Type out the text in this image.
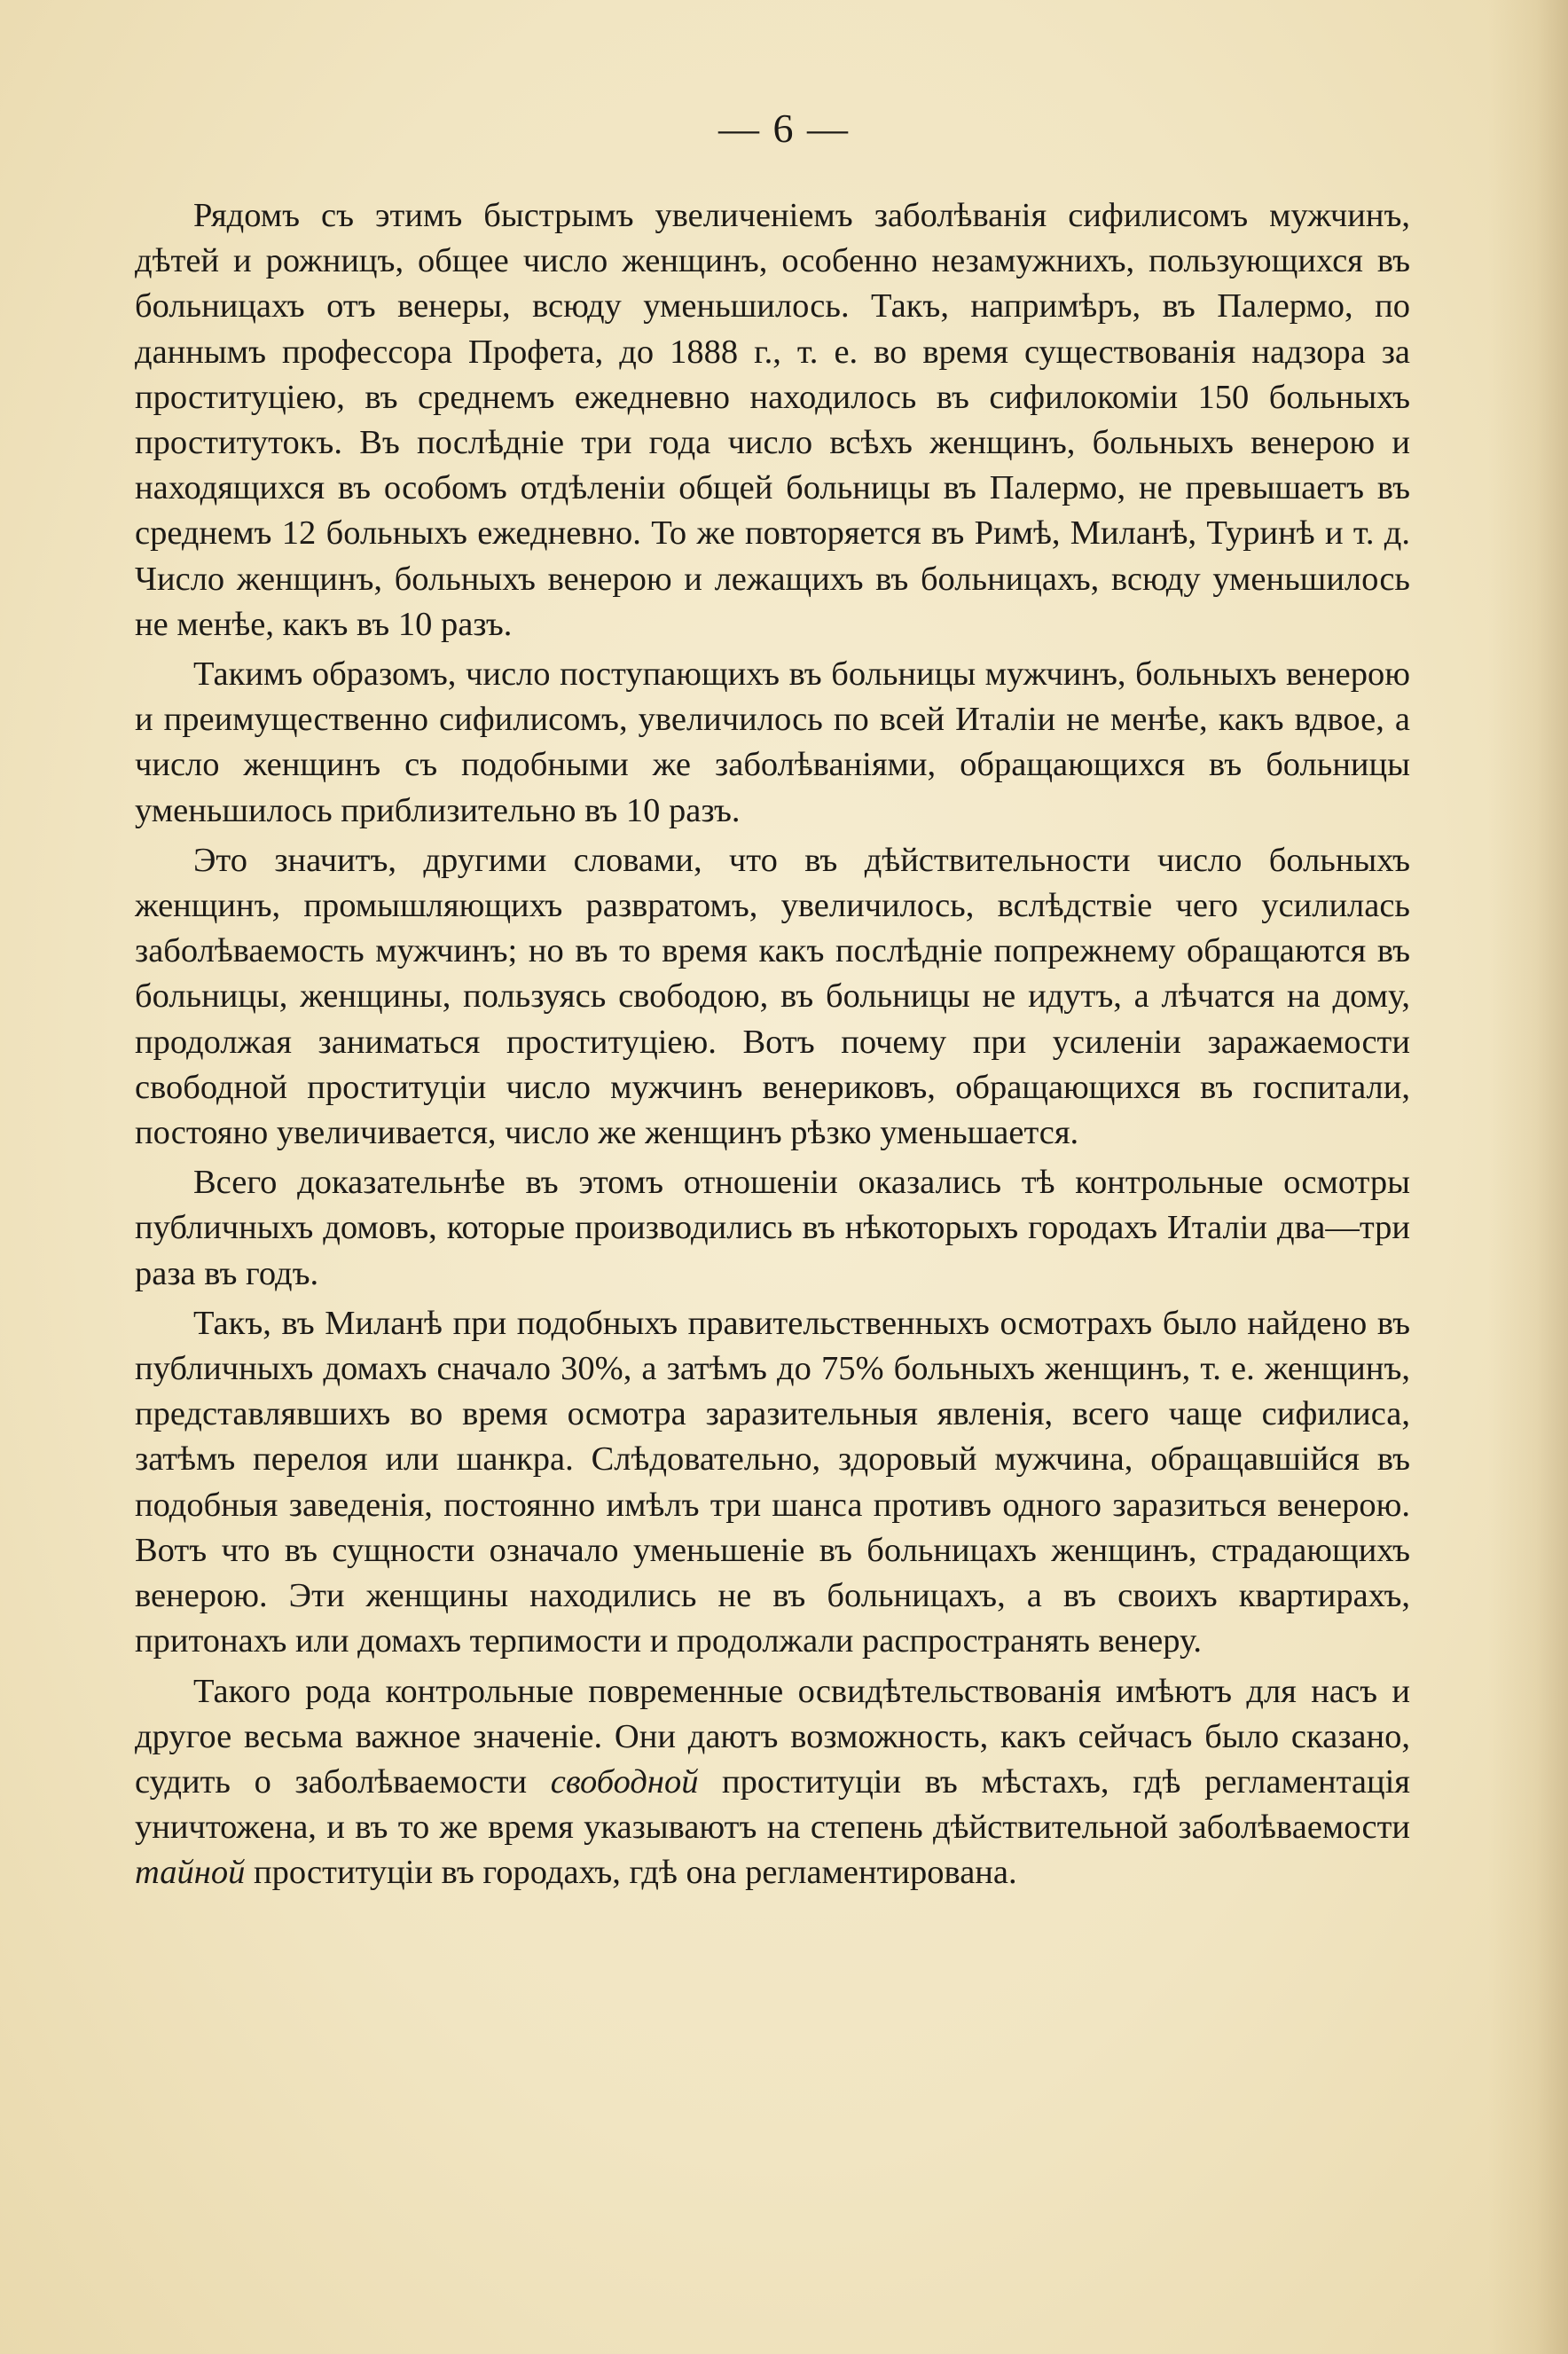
— 6 —

Рядомъ съ этимъ быстрымъ увеличенiемъ заболѣванiя сифилисомъ мужчинъ, дѣтей и рожницъ, общее число женщинъ, особенно незамужнихъ, пользующихся въ больницахъ отъ венеры, всюду уменьшилось. Такъ, напримѣръ, въ Палермо, по даннымъ профессора Профета, до 1888 г., т. е. во время существованiя надзора за проституцiею, въ среднемъ ежедневно находилось въ сифилокомiи 150 больныхъ проститутокъ. Въ послѣднiе три года число всѣхъ женщинъ, больныхъ венерою и находящихся въ особомъ отдѣленiи общей больницы въ Палермо, не превышаетъ въ среднемъ 12 больныхъ ежедневно. То же повторяется въ Римѣ, Миланѣ, Туринѣ и т. д. Число женщинъ, больныхъ венерою и лежащихъ въ больницахъ, всюду уменьшилось не менѣе, какъ въ 10 разъ.

Такимъ образомъ, число поступающихъ въ больницы мужчинъ, больныхъ венерою и преимущественно сифилисомъ, увеличилось по всей Италiи не менѣе, какъ вдвое, а число женщинъ съ подобными же заболѣванiями, обращающихся въ больницы уменьшилось приблизительно въ 10 разъ.

Это значитъ, другими словами, что въ дѣйствительности число больныхъ женщинъ, промышляющихъ развратомъ, увеличилось, вслѣдствiе чего усилилась заболѣваемость мужчинъ; но въ то время какъ послѣднiе попрежнему обращаются въ больницы, женщины, пользуясь свободою, въ больницы не идутъ, а лѣчатся на дому, продолжая заниматься проституцiею. Вотъ почему при усиленiи заражаемости свободной проституцiи число мужчинъ венериковъ, обращающихся въ госпитали, постояно увеличивается, число же женщинъ рѣзко уменьшается.

Всего доказательнѣе въ этомъ отношенiи оказались тѣ контрольные осмотры публичныхъ домовъ, которые производились въ нѣкоторыхъ городахъ Италiи два—три раза въ годъ.

Такъ, въ Миланѣ при подобныхъ правительственныхъ осмотрахъ было найдено въ публичныхъ домахъ сначало 30%, а затѣмъ до 75% больныхъ женщинъ, т. е. женщинъ, представлявшихъ во время осмотра заразительныя явленiя, всего чаще сифилиса, затѣмъ перелоя или шанкра. Слѣдовательно, здоровый мужчина, обращавшiйся въ подобныя заведенiя, постоянно имѣлъ три шанса противъ одного заразиться венерою. Вотъ что въ сущности означало уменьшенiе въ больницахъ женщинъ, страдающихъ венерою. Эти женщины находились не въ больницахъ, а въ своихъ квартирахъ, притонахъ или домахъ терпимости и продолжали распространять венеру.

Такого рода контрольные повременные освидѣтельствованiя имѣютъ для насъ и другое весьма важное значенiе. Они даютъ возможность, какъ сейчасъ было сказано, судить о заболѣваемости свободной проституцiи въ мѣстахъ, гдѣ регламентацiя уничтожена, и въ то же время указываютъ на степень дѣйствительной заболѣваемости тайной проституцiи въ городахъ, гдѣ она регламентирована.
